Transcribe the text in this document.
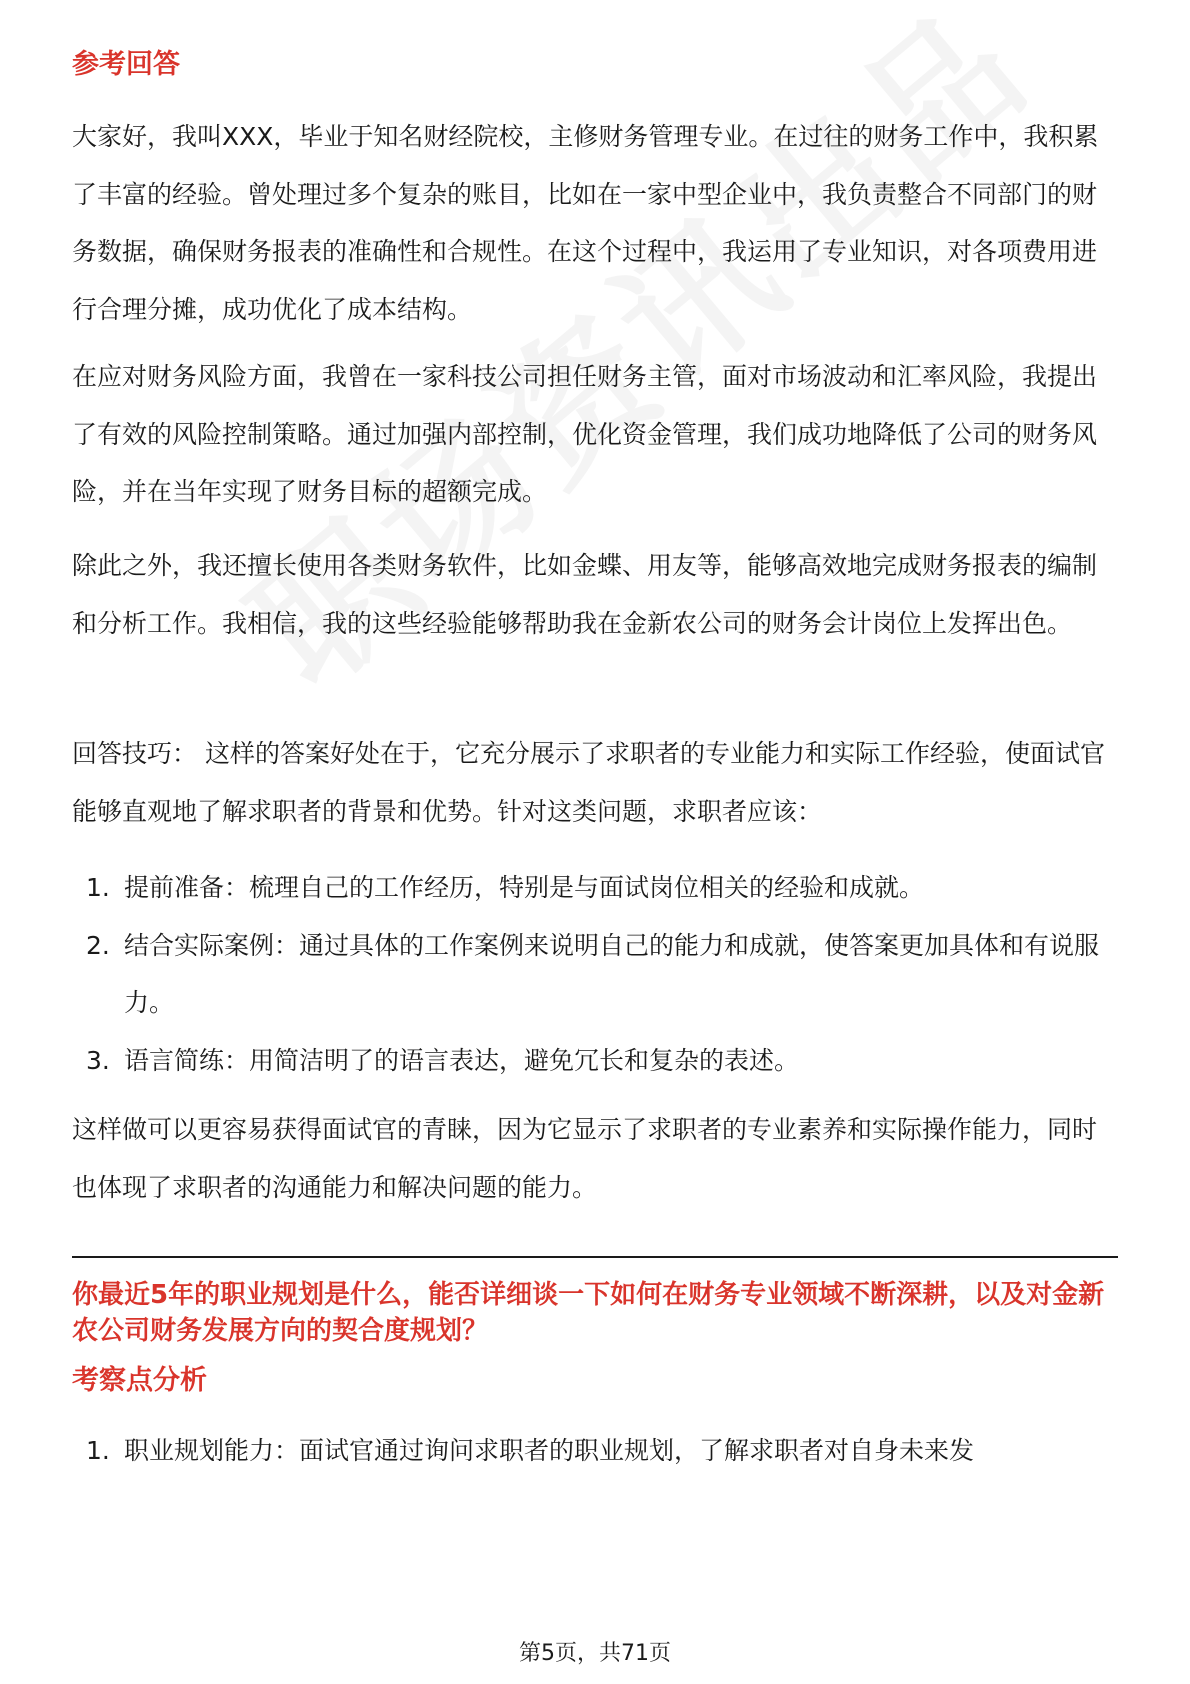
参考回答
大家好，我叫XXX，毕业于知名财经院校，主修财务管理专业。在过往的财务工作中，我积累了丰富的经验。曾处理过多个复杂的账目，比如在一家中型企业中，我负责整合不同部门的财务数据，确保财务报表的准确性和合规性。在这个过程中，我运用了专业知识，对各项费用进行合理分摊，成功优化了成本结构。
在应对财务风险方面，我曾在一家科技公司担任财务主管，面对市场波动和汇率风险，我提出了有效的风险控制策略。通过加强内部控制，优化资金管理，我们成功地降低了公司的财务风险，并在当年实现了财务目标的超额完成。
除此之外，我还擅长使用各类财务软件，比如金蝶、用友等，能够高效地完成财务报表的编制和分析工作。我相信，我的这些经验能够帮助我在金新农公司的财务会计岗位上发挥出色。
回答技巧： 这样的答案好处在于，它充分展示了求职者的专业能力和实际工作经验，使面试官能够直观地了解求职者的背景和优势。针对这类问题，求职者应该：
1. 提前准备：梳理自己的工作经历，特别是与面试岗位相关的经验和成就。
2. 结合实际案例：通过具体的工作案例来说明自己的能力和成就，使答案更加具体和有说服力。
3. 语言简练：用简洁明了的语言表达，避免冗长和复杂的表述。
这样做可以更容易获得面试官的青睐，因为它显示了求职者的专业素养和实际操作能力，同时也体现了求职者的沟通能力和解决问题的能力。
你最近5年的职业规划是什么，能否详细谈一下如何在财务专业领域不断深耕，以及对金新农公司财务发展方向的契合度规划？
考察点分析
1. 职业规划能力：面试官通过询问求职者的职业规划，了解求职者对自身未来发
第5页，共71页
